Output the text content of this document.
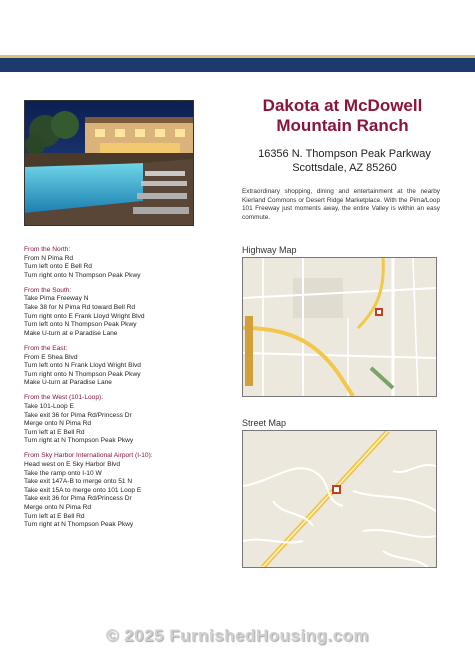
Dakota at McDowell
Mountain Ranch
16356 N. Thompson Peak Parkway
Scottsdale, AZ 85260
Extraordinary shopping, dining and entertainment at the nearby Kierland Commons or Desert Ridge Marketplace. With the Pima/Loop 101 Freeway just moments away, the entire Valley is within an easy commute.
Highway Map
Street Map
From the North:
From N Pima Rd
Turn left onto E Bell Rd
Turn right onto N Thompson Peak Pkwy
From the South:
Take Pima Freeway N
Take 38 for N Pima Rd toward Bell Rd
Turn right onto E Frank Lloyd Wright Blvd
Turn left onto N Thompson Peak Pkwy
Make U-turn at e Paradise Lane
From the East:
From E Shea Blvd
Turn left onto N Frank Lloyd Wright Blvd
Turn right onto N Thompson Peak Pkwy
Make U-turn at Paradise Lane
From the West (101-Loop):
Take 101-Loop E
Take exit 36 for Pima Rd/Princess Dr
Merge onto N Pima Rd
Turn left at E Bell Rd
Turn right at N Thompson Peak Pkwy
From Sky Harbor International Airport (I-10):
Head west on E Sky Harbor Blvd
Take the ramp onto I-10 W
Take exit 147A-B to merge onto 51 N
Take exit 15A to merge onto 101 Loop E
Take exit 36 for Pima Rd/Princess Dr
Merge onto N Pima Rd
Turn left at E Bell Rd
Turn right at N Thompson Peak Pkwy
© 2025 FurnishedHousing.com
